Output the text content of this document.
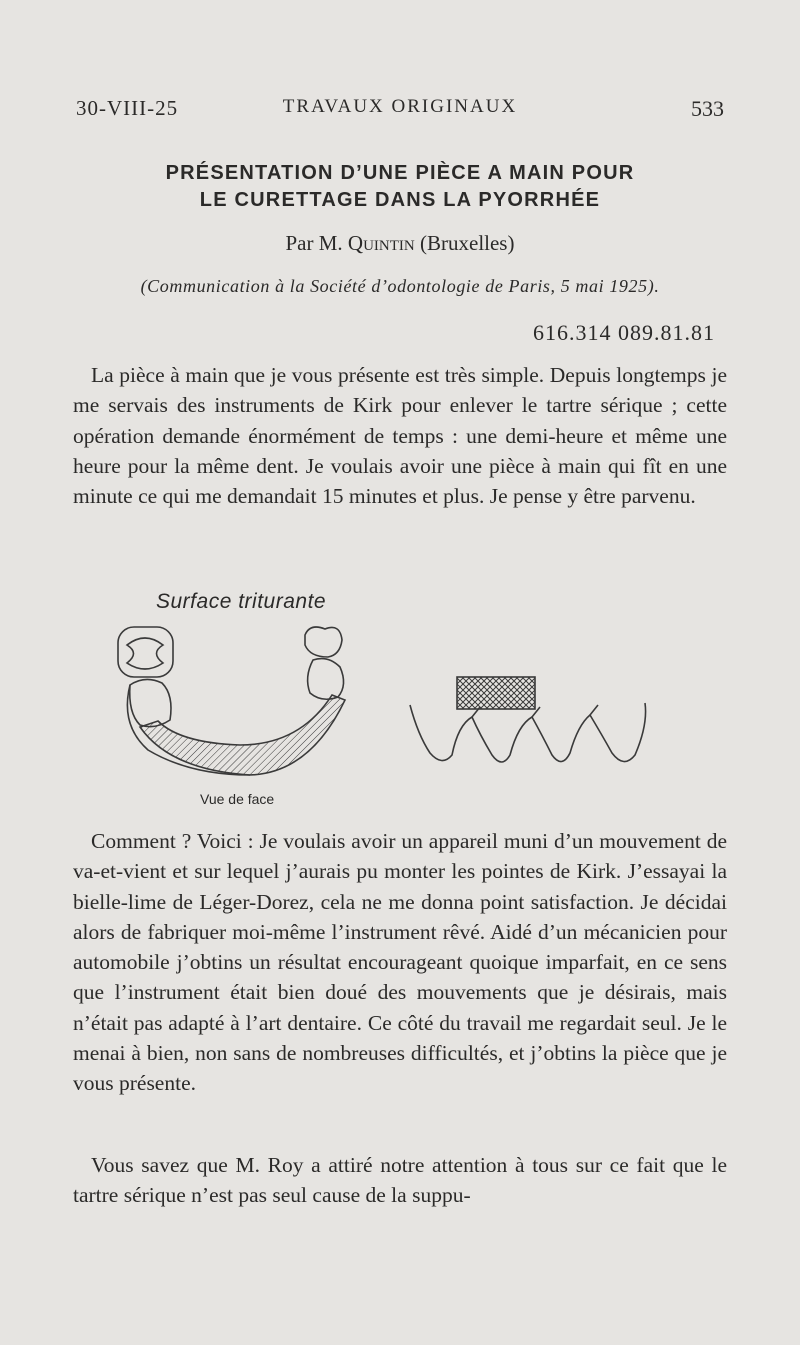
30-VIII-25	TRAVAUX ORIGINAUX	533
PRÉSENTATION D’UNE PIÈCE A MAIN POUR
LE CURETTAGE DANS LA PYORRHÉE
Par M. Quintin (Bruxelles)
(Communication à la Société d’odontologie de Paris, 5 mai 1925).
616.314 089.81.81
La pièce à main que je vous présente est très simple. Depuis longtemps je me servais des instruments de Kirk pour enlever le tartre sérique ; cette opération demande énormément de temps : une demi-heure et même une heure pour la même dent. Je voulais avoir une pièce à main qui fît en une minute ce qui me demandait 15 minutes et plus. Je pense y être parvenu.
Surface triturante
Vue de face
Comment ? Voici : Je voulais avoir un appareil muni d’un mouvement de va-et-vient et sur lequel j’aurais pu monter les pointes de Kirk. J’essayai la bielle-lime de Léger-Dorez, cela ne me donna point satisfaction. Je décidai alors de fabriquer moi-même l’instrument rêvé. Aidé d’un mécanicien pour automobile j’obtins un résultat encourageant quoique imparfait, en ce sens que l’instrument était bien doué des mouvements que je désirais, mais n’était pas adapté à l’art dentaire. Ce côté du travail me regardait seul. Je le menai à bien, non sans de nombreuses difficultés, et j’obtins la pièce que je vous présente.
Vous savez que M. Roy a attiré notre attention à tous sur ce fait que le tartre sérique n’est pas seul cause de la suppu-
